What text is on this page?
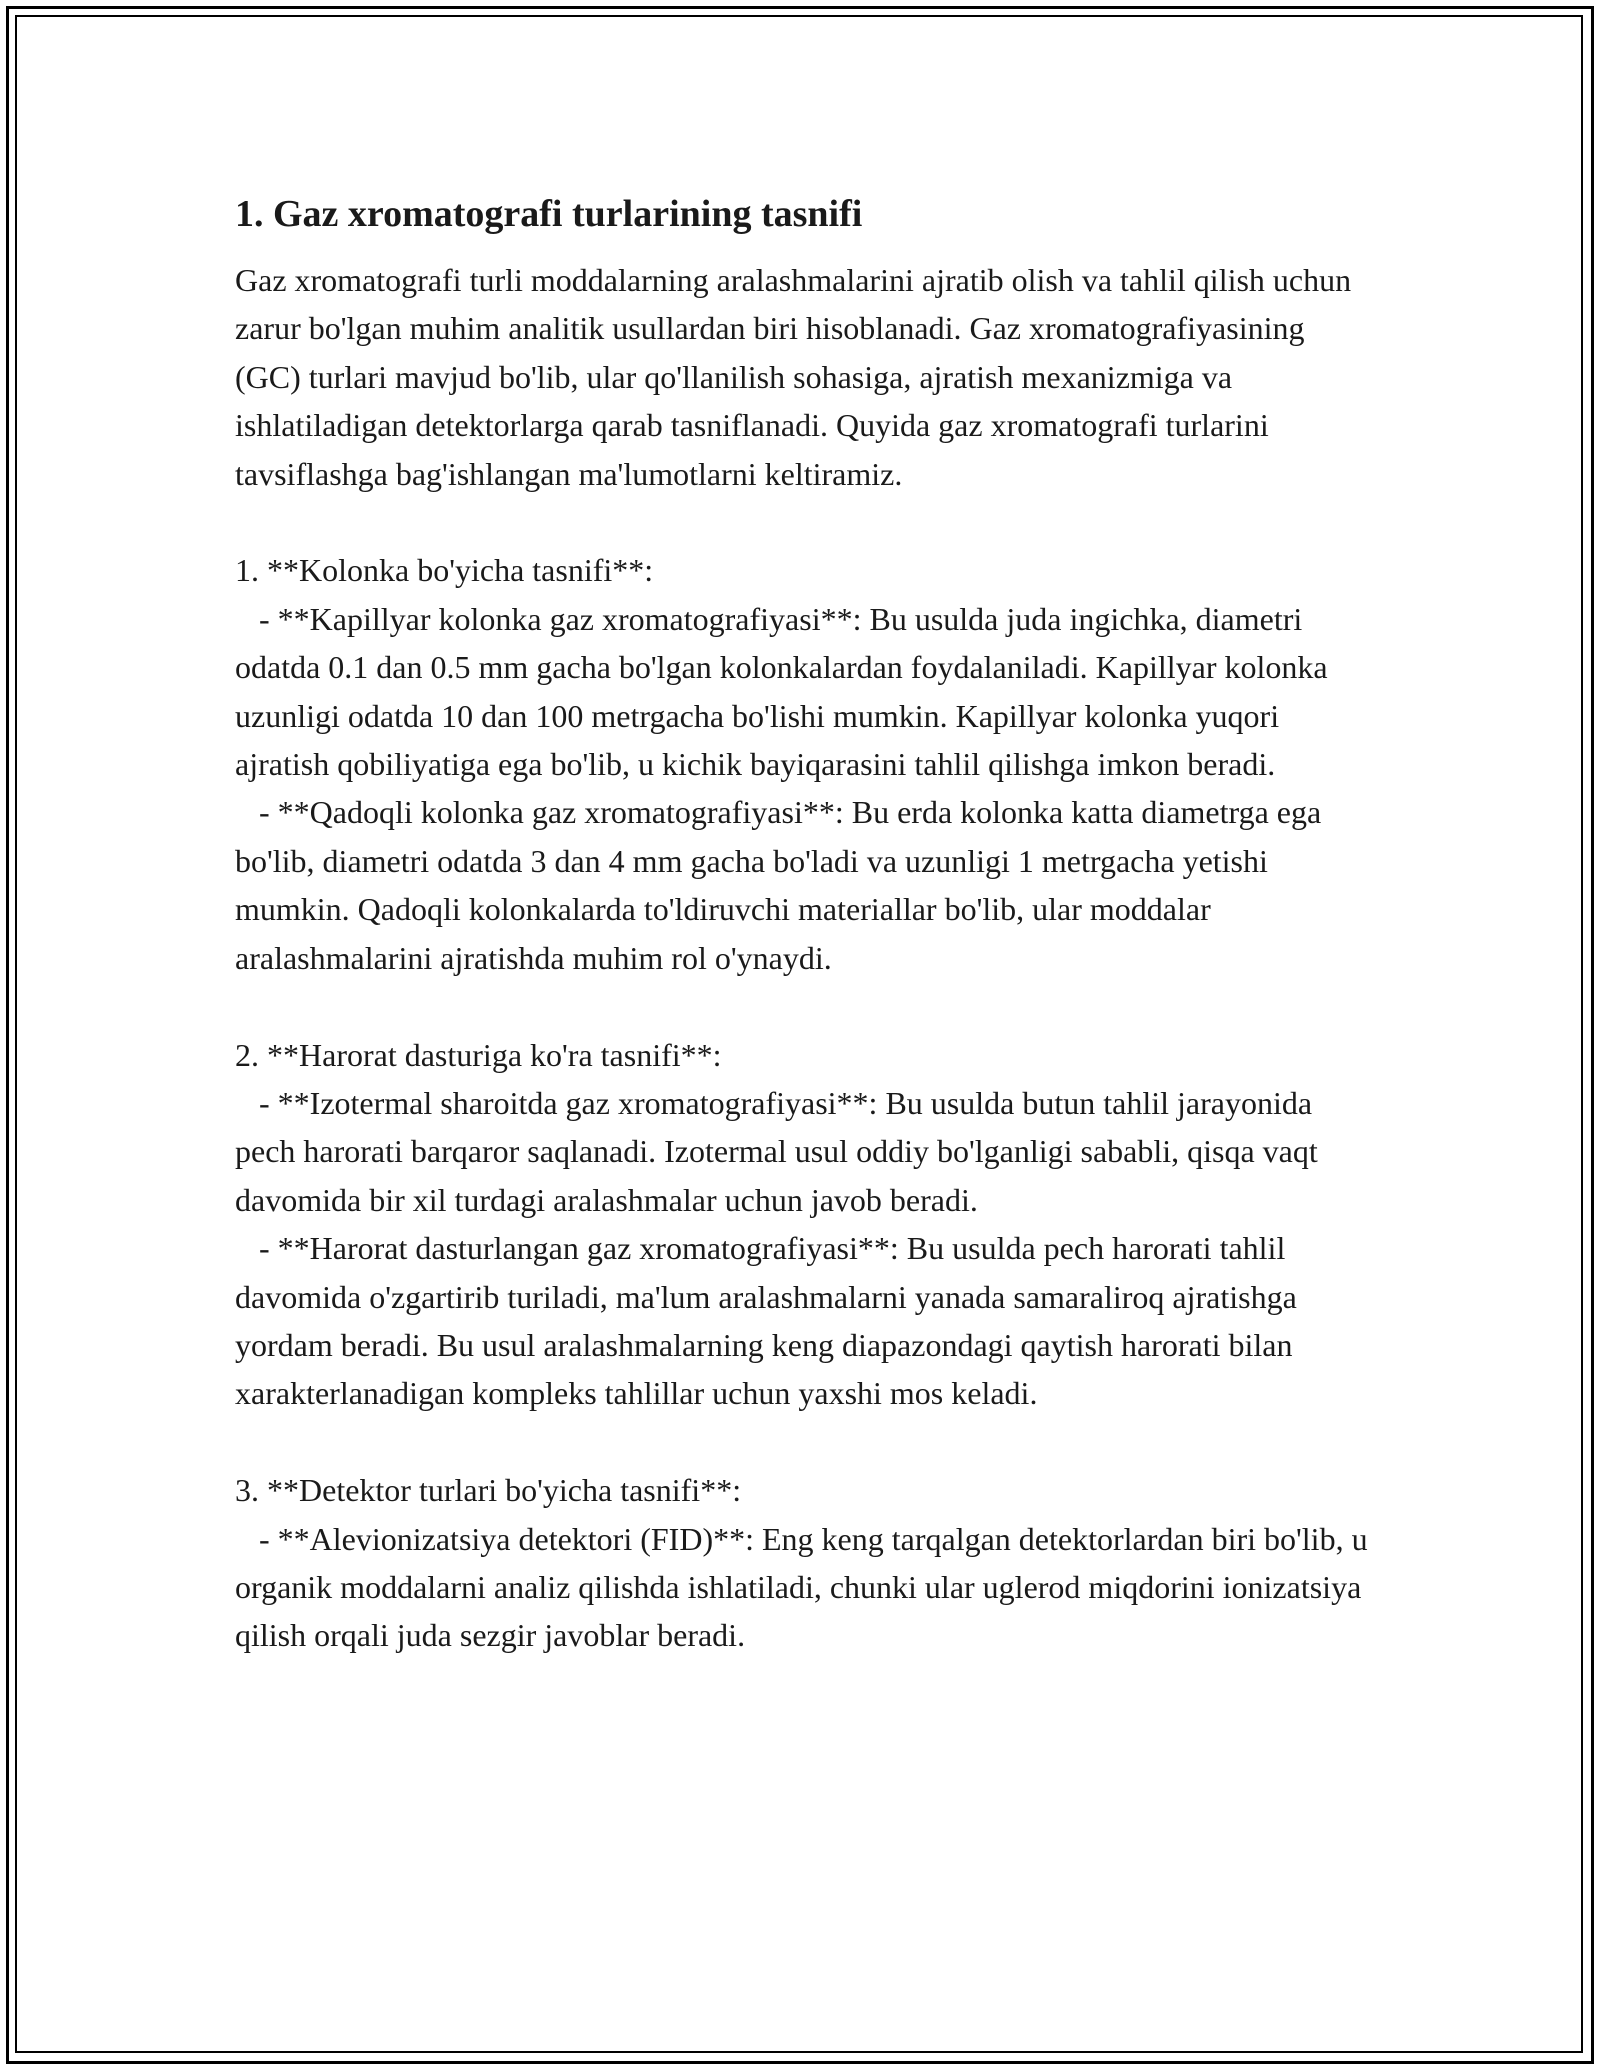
1. Gaz xromatografi turlarining tasnifi

Gaz xromatografi turli moddalarning aralashmalarini ajratib olish va tahlil qilish uchun zarur bo'lgan muhim analitik usullardan biri hisoblanadi. Gaz xromatografiyasining (GC) turlari mavjud bo'lib, ular qo'llanilish sohasiga, ajratish mexanizmiga va ishlatiladigan detektorlarga qarab tasniflanadi. Quyida gaz xromatografi turlarini tavsiflashga bag'ishlangan ma'lumotlarni keltiramiz.

1. **Kolonka bo'yicha tasnifi**:
- **Kapillyar kolonka gaz xromatografiyasi**: Bu usulda juda ingichka, diametri odatda 0.1 dan 0.5 mm gacha bo'lgan kolonkalardan foydalaniladi. Kapillyar kolonka uzunligi odatda 10 dan 100 metrgacha bo'lishi mumkin. Kapillyar kolonka yuqori ajratish qobiliyatiga ega bo'lib, u kichik bayiqarasini tahlil qilishga imkon beradi.
- **Qadoqli kolonka gaz xromatografiyasi**: Bu erda kolonka katta diametrga ega bo'lib, diametri odatda 3 dan 4 mm gacha bo'ladi va uzunligi 1 metrgacha yetishi mumkin. Qadoqli kolonkalarda to'ldiruvchi materiallar bo'lib, ular moddalar aralashmalarini ajratishda muhim rol o'ynaydi.

2. **Harorat dasturiga ko'ra tasnifi**:
- **Izotermal sharoitda gaz xromatografiyasi**: Bu usulda butun tahlil jarayonida pech harorati barqaror saqlanadi. Izotermal usul oddiy bo'lganligi sababli, qisqa vaqt davomida bir xil turdagi aralashmalar uchun javob beradi.
- **Harorat dasturlangan gaz xromatografiyasi**: Bu usulda pech harorati tahlil davomida o'zgartirib turiladi, ma'lum aralashmalarni yanada samaraliroq ajratishga yordam beradi. Bu usul aralashmalarning keng diapazondagi qaytish harorati bilan xarakterlanadigan kompleks tahlillar uchun yaxshi mos keladi.

3. **Detektor turlari bo'yicha tasnifi**:
- **Alevionizatsiya detektori (FID)**: Eng keng tarqalgan detektorlardan biri bo'lib, u organik moddalarni analiz qilishda ishlatiladi, chunki ular uglerod miqdorini ionizatsiya qilish orqali juda sezgir javoblar beradi.
